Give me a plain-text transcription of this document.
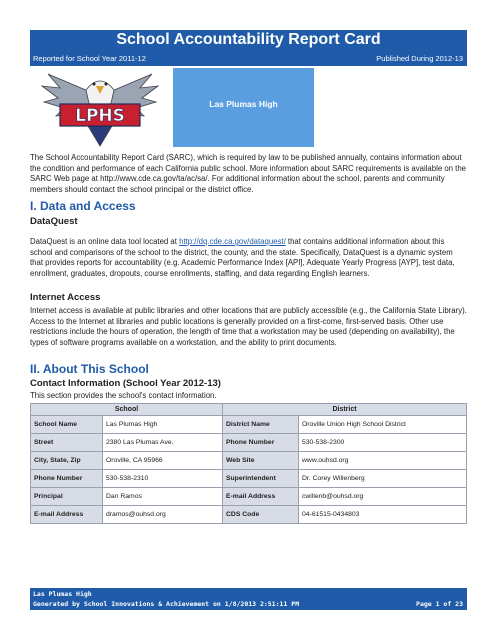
School Accountability Report Card
Reported for School Year 2011-12	Published During 2012-13
LPHS
Las Plumas High

The School Accountability Report Card (SARC), which is required by law to be published annually, contains information about the condition and performance of each California public school. More information about SARC requirements is available on the SARC Web page at http://www.cde.ca.gov/ta/ac/sa/. For additional information about the school, parents and community members should contact the school principal or the district office.

I. Data and Access
DataQuest

DataQuest is an online data tool located at http://dq.cde.ca.gov/dataquest/ that contains additional information about this school and comparisons of the school to the district, the county, and the state. Specifically, DataQuest is a dynamic system that provides reports for accountability (e.g. Academic Performance Index [API], Adequate Yearly Progress [AYP], test data, enrollment, graduates, dropouts, course enrollments, staffing, and data regarding English learners.

Internet Access

Internet access is available at public libraries and other locations that are publicly accessible (e.g., the California State Library). Access to the Internet at libraries and public locations is generally provided on a first-come, first-served basis. Other use restrictions include the hours of operation, the length of time that a workstation may be used (depending on availability), the types of software programs available on a workstation, and the ability to print documents.

II. About This School
Contact Information (School Year 2012-13)

This section provides the school's contact information.

School		District	
School Name	Las Plumas High	District Name	Oroville Union High School District
Street	2380 Las Plumas Ave.	Phone Number	530-538-2300
City, State, Zip	Oroville, CA 95966	Web Site	www.ouhsd.org
Phone Number	530-538-2310	Superintendent	Dr. Corey Willenberg
Principal	Dan Ramos	E-mail Address	cwillenb@ouhsd.org
E-mail Address	dramos@ouhsd.org	CDS Code	04-61515-0434803
Las Plumas High
Generated by School Innovations & Achievement on 1/8/2013 2:51:11 PM	Page 1 of 23
